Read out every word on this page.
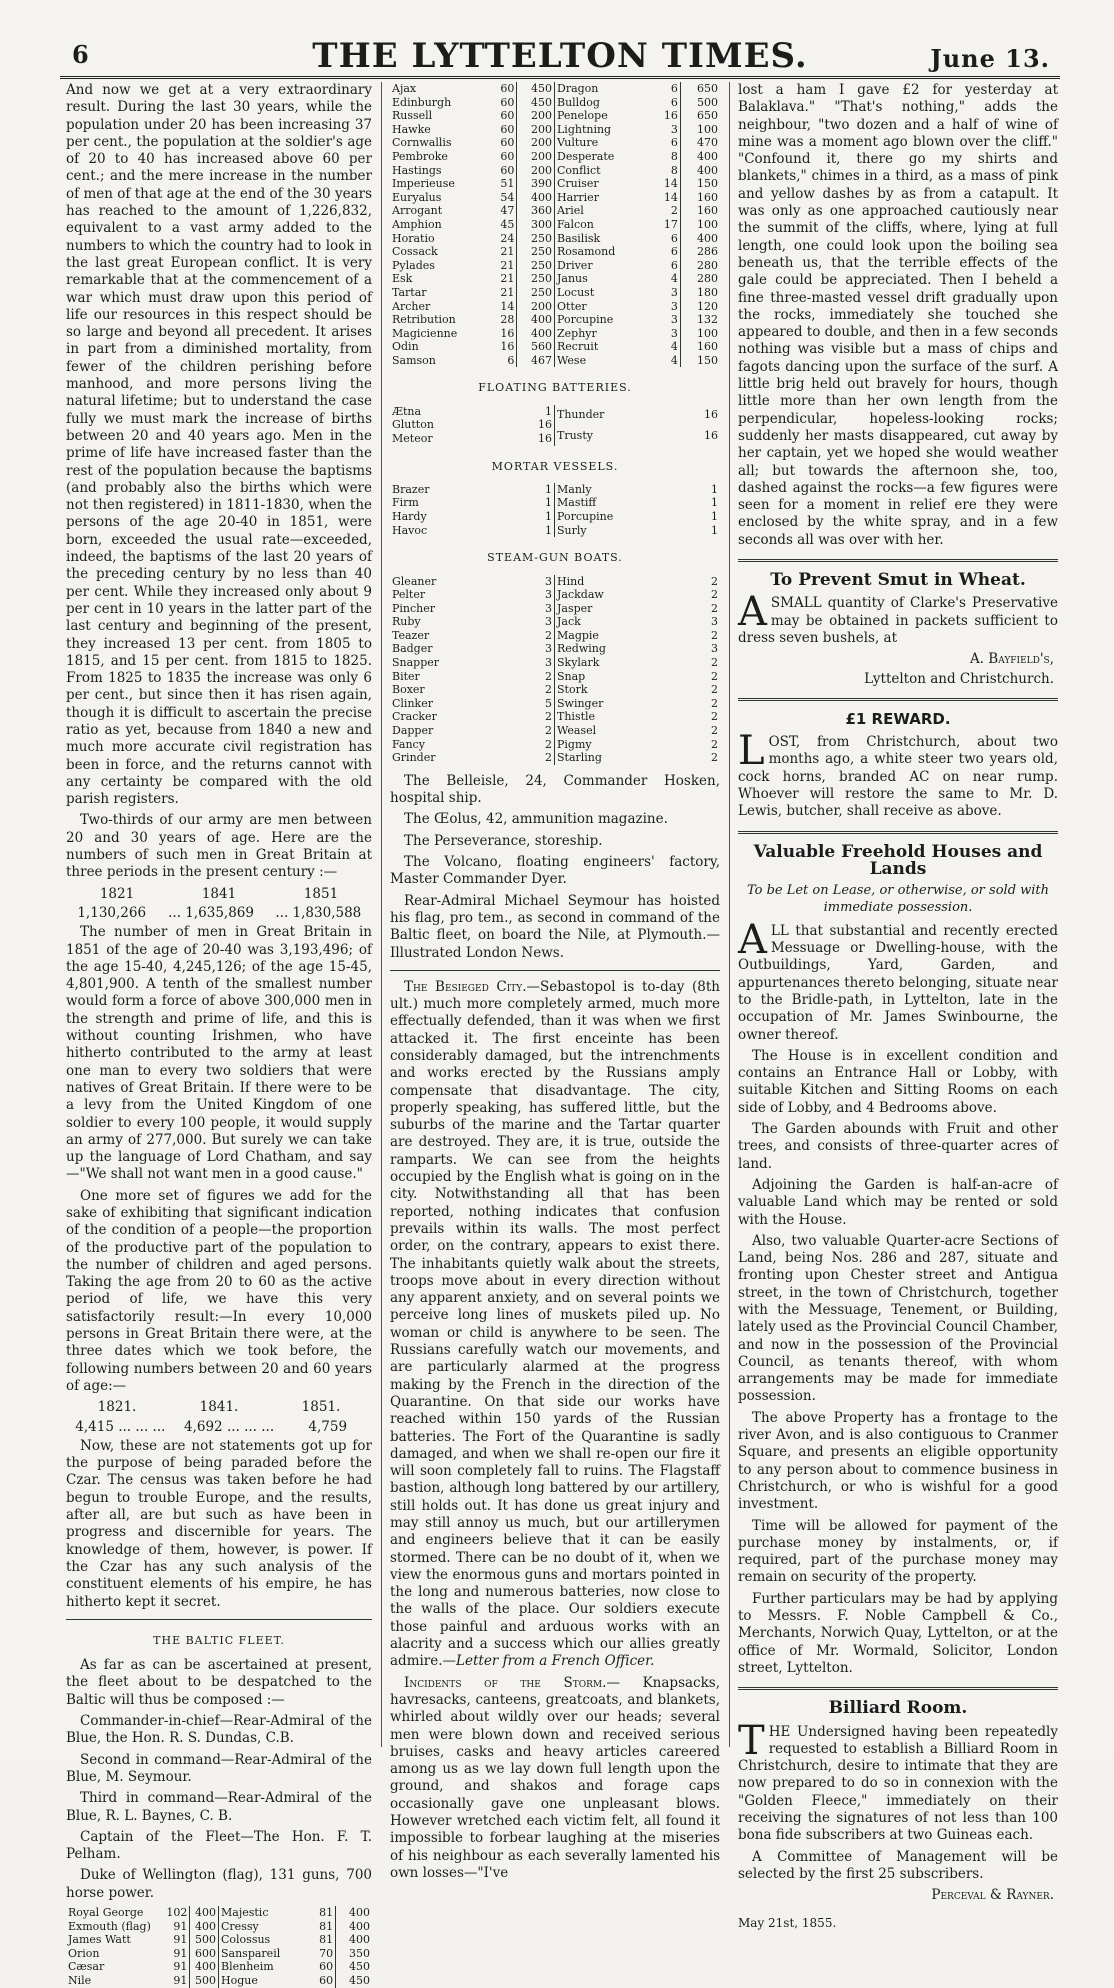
6	THE LYTTELTON TIMES.	June 13.

And now we get at a very extraordinary result. During the last 30 years, while the population under 20 has been increasing 37 per cent., the population at the soldier's age of 20 to 40 has increased above 60 per cent.; and the mere increase in the number of men of that age at the end of the 30 years has reached to the amount of 1,226,832, equivalent to a vast army added to the numbers to which the country had to look in the last great European conflict. It is very remarkable that at the commencement of a war which must draw upon this period of life our resources in this respect should be so large and beyond all precedent. It arises in part from a diminished mortality, from fewer of the children perishing before manhood, and more persons living the natural lifetime; but to understand the case fully we must mark the increase of births between 20 and 40 years ago. Men in the prime of life have increased faster than the rest of the population because the baptisms (and probably also the births which were not then registered) in 1811-1830, when the persons of the age 20-40 in 1851, were born, exceeded the usual rate—exceeded, indeed, the baptisms of the last 20 years of the preceding century by no less than 40 per cent. While they increased only about 9 per cent in 10 years in the latter part of the last century and beginning of the present, they increased 13 per cent. from 1805 to 1815, and 15 per cent. from 1815 to 1825. From 1825 to 1835 the increase was only 6 per cent., but since then it has risen again, though it is difficult to ascertain the precise ratio as yet, because from 1840 a new and much more accurate civil registration has been in force, and the returns cannot with any certainty be compared with the old parish registers.

Two-thirds of our army are men between 20 and 30 years of age. Here are the numbers of such men in Great Britain at three periods in the present century :—

1821	1841	1851
1,130,266 ... 1,635,869 ... 1,830,588

The number of men in Great Britain in 1851 of the age of 20-40 was 3,193,496; of the age 15-40, 4,245,126; of the age 15-45, 4,801,900. A tenth of the smallest number would form a force of above 300,000 men in the strength and prime of life, and this is without counting Irishmen, who have hitherto contributed to the army at least one man to every two soldiers that were natives of Great Britain. If there were to be a levy from the United Kingdom of one soldier to every 100 people, it would supply an army of 277,000. But surely we can take up the language of Lord Chatham, and say—"We shall not want men in a good cause."

One more set of figures we add for the sake of exhibiting that significant indication of the condition of a people—the proportion of the productive part of the population to the number of children and aged persons. Taking the age from 20 to 60 as the active period of life, we have this very satisfactorily result:—In every 10,000 persons in Great Britain there were, at the three dates which we took before, the following numbers between 20 and 60 years of age:—

1821.	1841.	1851.
4,415 ... ... ... 4,692 ... ... ...	4,759

Now, these are not statements got up for the purpose of being paraded before the Czar. The census was taken before he had begun to trouble Europe, and the results, after all, are but such as have been in progress and discernible for years. The knowledge of them, however, is power. If the Czar has any such analysis of the constituent elements of his empire, he has hitherto kept it secret.

THE BALTIC FLEET.

As far as can be ascertained at present, the fleet about to be despatched to the Baltic will thus be composed :—

Commander-in-chief—Rear-Admiral of the Blue, the Hon. R. S. Dundas, C.B.

Second in command—Rear-Admiral of the Blue, M. Seymour.

Third in command—Rear-Admiral of the Blue, R. L. Baynes, C. B.

Captain of the Fleet—The Hon. F. T. Pelham.

Duke of Wellington (flag), 131 guns, 700 horse power.

Royal George	102	400
Exmouth (flag)	91	400
James Watt	91	500
Orion	91	600
Cæsar	91	400
Nile	91	500
Majestic	81	400
Cressy	81	400
Colossus	81	400
Sanspareil	70	350
Blenheim	60	450
Hogue	60	450
Ajax	60	450
Edinburgh	60	450
Russell	60	200
Hawke	60	200
Cornwallis	60	200
Pembroke	60	200
Hastings	60	200
Imperieuse	51	390
Euryalus	54	400
Arrogant	47	360
Amphion	45	300
Horatio	24	250
Cossack	21	250
Pylades	21	250
Esk	21	250
Tartar	21	250
Archer	14	200
Retribution	28	400
Magicienne	16	400
Odin	16	560
Samson	6	467
Dragon	6	650
Bulldog	6	500
Penelope	16	650
Lightning	3	100
Vulture	6	470
Desperate	8	400
Conflict	8	400
Cruiser	14	150
Harrier	14	160
Ariel	2	160
Falcon	17	100
Basilisk	6	400
Rosamond	6	286
Driver	6	280
Janus	4	280
Locust	3	180
Otter	3	120
Porcupine	3	132
Zephyr	3	100
Recruit	4	160
Wese	4	150
FLOATING BATTERIES.
Ætna	1
Glutton	16
Meteor	16
Thunder	16
Trusty	16
MORTAR VESSELS.
Brazer	1
Firm	1
Hardy	1
Havoc	1
Manly	1
Mastiff	1
Porcupine	1
Surly	1
STEAM-GUN BOATS.
Gleaner	3
Pelter	3
Pincher	3
Ruby	3
Teazer	2
Badger	3
Snapper	3
Biter	2
Boxer	2
Clinker	5
Cracker	2
Dapper	2
Fancy	2
Grinder	2
Hind	2
Jackdaw	2
Jasper	2
Jack	3
Magpie	2
Redwing	3
Skylark	2
Snap	2
Stork	2
Swinger	2
Thistle	2
Weasel	2
Pigmy	2
Starling	2

The Belleisle, 24, Commander Hosken, hospital ship.

The Œolus, 42, ammunition magazine.

The Perseverance, storeship.

The Volcano, floating engineers' factory, Master Commander Dyer.

Rear-Admiral Michael Seymour has hoisted his flag, pro tem., as second in command of the Baltic fleet, on board the Nile, at Plymouth.—Illustrated London News.

The Besieged City.—Sebastopol is to-day (8th ult.) much more completely armed, much more effectually defended, than it was when we first attacked it. The first enceinte has been considerably damaged, but the intrenchments and works erected by the Russians amply compensate that disadvantage. The city, properly speaking, has suffered little, but the suburbs of the marine and the Tartar quarter are destroyed. They are, it is true, outside the ramparts. We can see from the heights occupied by the English what is going on in the city. Notwithstanding all that has been reported, nothing indicates that confusion prevails within its walls. The most perfect order, on the contrary, appears to exist there. The inhabitants quietly walk about the streets, troops move about in every direction without any apparent anxiety, and on several points we perceive long lines of muskets piled up. No woman or child is anywhere to be seen. The Russians carefully watch our movements, and are particularly alarmed at the progress making by the French in the direction of the Quarantine. On that side our works have reached within 150 yards of the Russian batteries. The Fort of the Quarantine is sadly damaged, and when we shall re-open our fire it will soon completely fall to ruins. The Flagstaff bastion, although long battered by our artillery, still holds out. It has done us great injury and may still annoy us much, but our artillerymen and engineers believe that it can be easily stormed. There can be no doubt of it, when we view the enormous guns and mortars pointed in the long and numerous batteries, now close to the walls of the place. Our soldiers execute those painful and arduous works with an alacrity and a success which our allies greatly admire.—Letter from a French Officer.

Incidents of the Storm.— Knapsacks, havresacks, canteens, greatcoats, and blankets, whirled about wildly over our heads; several men were blown down and received serious bruises, casks and heavy articles careered among us as we lay down full length upon the ground, and shakos and forage caps occasionally gave one unpleasant blows. However wretched each victim felt, all found it impossible to forbear laughing at the miseries of his neighbour as each severally lamented his own losses—"I've

lost a ham I gave £2 for yesterday at Balaklava." "That's nothing," adds the neighbour, "two dozen and a half of wine of mine was a moment ago blown over the cliff." "Confound it, there go my shirts and blankets," chimes in a third, as a mass of pink and yellow dashes by as from a catapult. It was only as one approached cautiously near the summit of the cliffs, where, lying at full length, one could look upon the boiling sea beneath us, that the terrible effects of the gale could be appreciated. Then I beheld a fine three-masted vessel drift gradually upon the rocks, immediately she touched she appeared to double, and then in a few seconds nothing was visible but a mass of chips and fagots dancing upon the surface of the surf. A little brig held out bravely for hours, though little more than her own length from the perpendicular, hopeless-looking rocks; suddenly her masts disappeared, cut away by her captain, yet we hoped she would weather all; but towards the afternoon she, too, dashed against the rocks—a few figures were seen for a moment in relief ere they were enclosed by the white spray, and in a few seconds all was over with her.

To Prevent Smut in Wheat.

ASMALL quantity of Clarke's Preservative may be obtained in packets sufficient to dress seven bushels, at

A. Bayfield's,
Lyttelton and Christchurch.
£1 REWARD.

LOST, from Christchurch, about two months ago, a white steer two years old, cock horns, branded AC on near rump. Whoever will restore the same to Mr. D. Lewis, butcher, shall receive as above.

Valuable Freehold Houses and Lands
To be Let on Lease, or otherwise, or sold with immediate possession.

ALL that substantial and recently erected Messuage or Dwelling-house, with the Outbuildings, Yard, Garden, and appurtenances thereto belonging, situate near to the Bridle-path, in Lyttelton, late in the occupation of Mr. James Swinbourne, the owner thereof.

The House is in excellent condition and contains an Entrance Hall or Lobby, with suitable Kitchen and Sitting Rooms on each side of Lobby, and 4 Bedrooms above.

The Garden abounds with Fruit and other trees, and consists of three-quarter acres of land.

Adjoining the Garden is half-an-acre of valuable Land which may be rented or sold with the House.

Also, two valuable Quarter-acre Sections of Land, being Nos. 286 and 287, situate and fronting upon Chester street and Antigua street, in the town of Christchurch, together with the Messuage, Tenement, or Building, lately used as the Provincial Council Chamber, and now in the possession of the Provincial Council, as tenants thereof, with whom arrangements may be made for immediate possession.

The above Property has a frontage to the river Avon, and is also contiguous to Cranmer Square, and presents an eligible opportunity to any person about to commence business in Christchurch, or who is wishful for a good investment.

Time will be allowed for payment of the purchase money by instalments, or, if required, part of the purchase money may remain on security of the property.

Further particulars may be had by applying to Messrs. F. Noble Campbell & Co., Merchants, Norwich Quay, Lyttelton, or at the office of Mr. Wormald, Solicitor, London street, Lyttelton.

Billiard Room.

THE Undersigned having been repeatedly requested to establish a Billiard Room in Christchurch, desire to intimate that they are now prepared to do so in connexion with the "Golden Fleece," immediately on their receiving the signatures of not less than 100 bona fide subscribers at two Guineas each.

A Committee of Management will be selected by the first 25 subscribers.

Perceval & Rayner.
May 21st, 1855.
